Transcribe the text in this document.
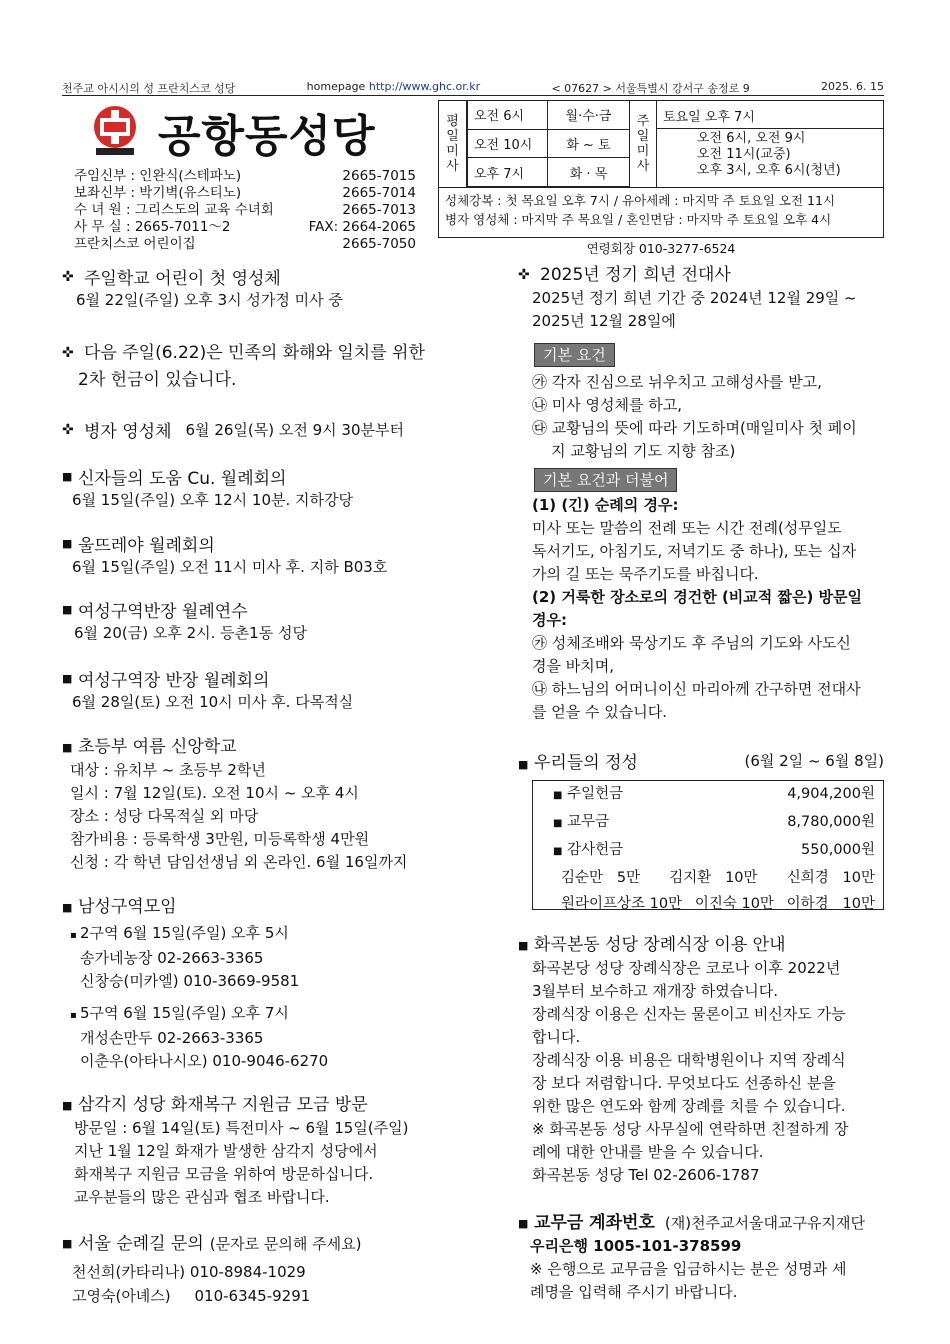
천주교 아시시의 성 프란치스코 성당	homepage http://www.ghc.or.kr	< 07627 > 서울특별시 강서구 송정로 9	2025. 6. 15
공항동성당
주임신부 : 인완식(스테파노)	2665-7015
보좌신부 : 박기벽(유스티노)	2665-7014
수 녀 원 : 그리스도의 교육 수녀회	2665-7013
사 무 실 : 2665-7011～2	FAX: 2664-2065
프란치스코 어린이집	2665-7050
평
일
미
사
오전 6시	월·수·금
오전 10시	화 ~ 토
오후 7시	화 · 목
주
일
미
사
토요일 오후 7시
오전 6시, 오전 9시
오전 11시(교중)
오후 3시, 오후 6시(청년)
성체강복 : 첫 목요일 오후 7시 / 유아세례 : 마지막 주 토요일 오전 11시
병자 영성체 : 마지막 주 목요일 / 혼인면담 : 마지막 주 토요일 오후 4시
연령회장 010-3277-6524
✜ 주일학교 어린이 첫 영성체
6월 22일(주일) 오후 3시 성가정 미사 중
✜ 다음 주일(6.22)은 민족의 화해와 일치를 위한
2차 헌금이 있습니다.
✜ 병자 영성체 6월 26일(목) 오전 9시 30분부터
■ 신자들의 도움 Cu. 월례회의
6월 15일(주일) 오후 12시 10분. 지하강당
■ 울뜨레야 월례회의
6월 15일(주일) 오전 11시 미사 후. 지하 B03호
■ 여성구역반장 월례연수
6월 20(금) 오후 2시. 등촌1동 성당
■ 여성구역장 반장 월례회의
6월 28일(토) 오전 10시 미사 후. 다목적실
■ 초등부 여름 신앙학교
대상 : 유치부 ~ 초등부 2학년
일시 : 7월 12일(토). 오전 10시 ~ 오후 4시
장소 : 성당 다목적실 외 마당
참가비용 : 등록학생 3만원, 미등록학생 4만원
신청 : 각 학년 담임선생님 외 온라인. 6월 16일까지
■ 남성구역모임
▪ 2구역 6월 15일(주일) 오후 5시
송가네농장 02-2663-3365
신창승(미카엘) 010-3669-9581
▪ 5구역 6월 15일(주일) 오후 7시
개성손만두 02-2663-3365
이춘우(아타나시오) 010-9046-6270
■ 삼각지 성당 화재복구 지원금 모금 방문
방문일 : 6월 14일(토) 특전미사 ~ 6월 15일(주일)
지난 1월 12일 화재가 발생한 삼각지 성당에서
화재복구 지원금 모금을 위하여 방문하십니다.
교우분들의 많은 관심과 협조 바랍니다.
■ 서울 순례길 문의 (문자로 문의해 주세요)
천선희(카타리나) 010-8984-1029
고영숙(아녜스)     010-6345-9291
✜ 2025년 정기 희년 전대사
2025년 정기 희년 기간 중 2024년 12월 29일 ~
2025년 12월 28일에
기본 요건
㉮ 각자 진심으로 뉘우치고 고해성사를 받고,
㉯ 미사 영성체를 하고,
㉰ 교황님의 뜻에 따라 기도하며(매일미사 첫 페이
지 교황님의 기도 지향 참조)
기본 요건과 더불어
(1) (긴) 순례의 경우:
미사 또는 말씀의 전례 또는 시간 전례(성무일도
독서기도, 아침기도, 저녁기도 중 하나), 또는 십자
가의 길 또는 묵주기도를 바칩니다.
(2) 거룩한 장소로의 경건한 (비교적 짧은) 방문일
경우:
㉮ 성체조배와 묵상기도 후 주님의 기도와 사도신
경을 바치며,
㉯ 하느님의 어머니이신 마리아께 간구하면 전대사
를 얻을 수 있습니다.
■ 우리들의 정성	(6월 2일 ~ 6월 8일)
■ 주일헌금	4,904,200원
■ 교무금	8,780,000원
■ 감사헌금	550,000원
김순만   5만 김지환   10만 신희경   10만
원라이프상조 10만 이진숙 10만 이하경   10만
■ 화곡본동 성당 장례식장 이용 안내
화곡본당 성당 장례식장은 코로나 이후 2022년
3월부터 보수하고 재개장 하였습니다.
장례식장 이용은 신자는 물론이고 비신자도 가능
합니다.
장례식장 이용 비용은 대학병원이나 지역 장례식
장 보다 저렴합니다. 무엇보다도 선종하신 분을
위한 많은 연도와 함께 장례를 치를 수 있습니다.
※ 화곡본동 성당 사무실에 연락하면 친절하게 장
례에 대한 안내를 받을 수 있습니다.
화곡본동 성당 Tel 02-2606-1787
■ 교무금 계좌번호 (재)천주교서울대교구유지재단
우리은행 1005-101-378599
※ 은행으로 교무금을 입금하시는 분은 성명과 세
례명을 입력해 주시기 바랍니다.
